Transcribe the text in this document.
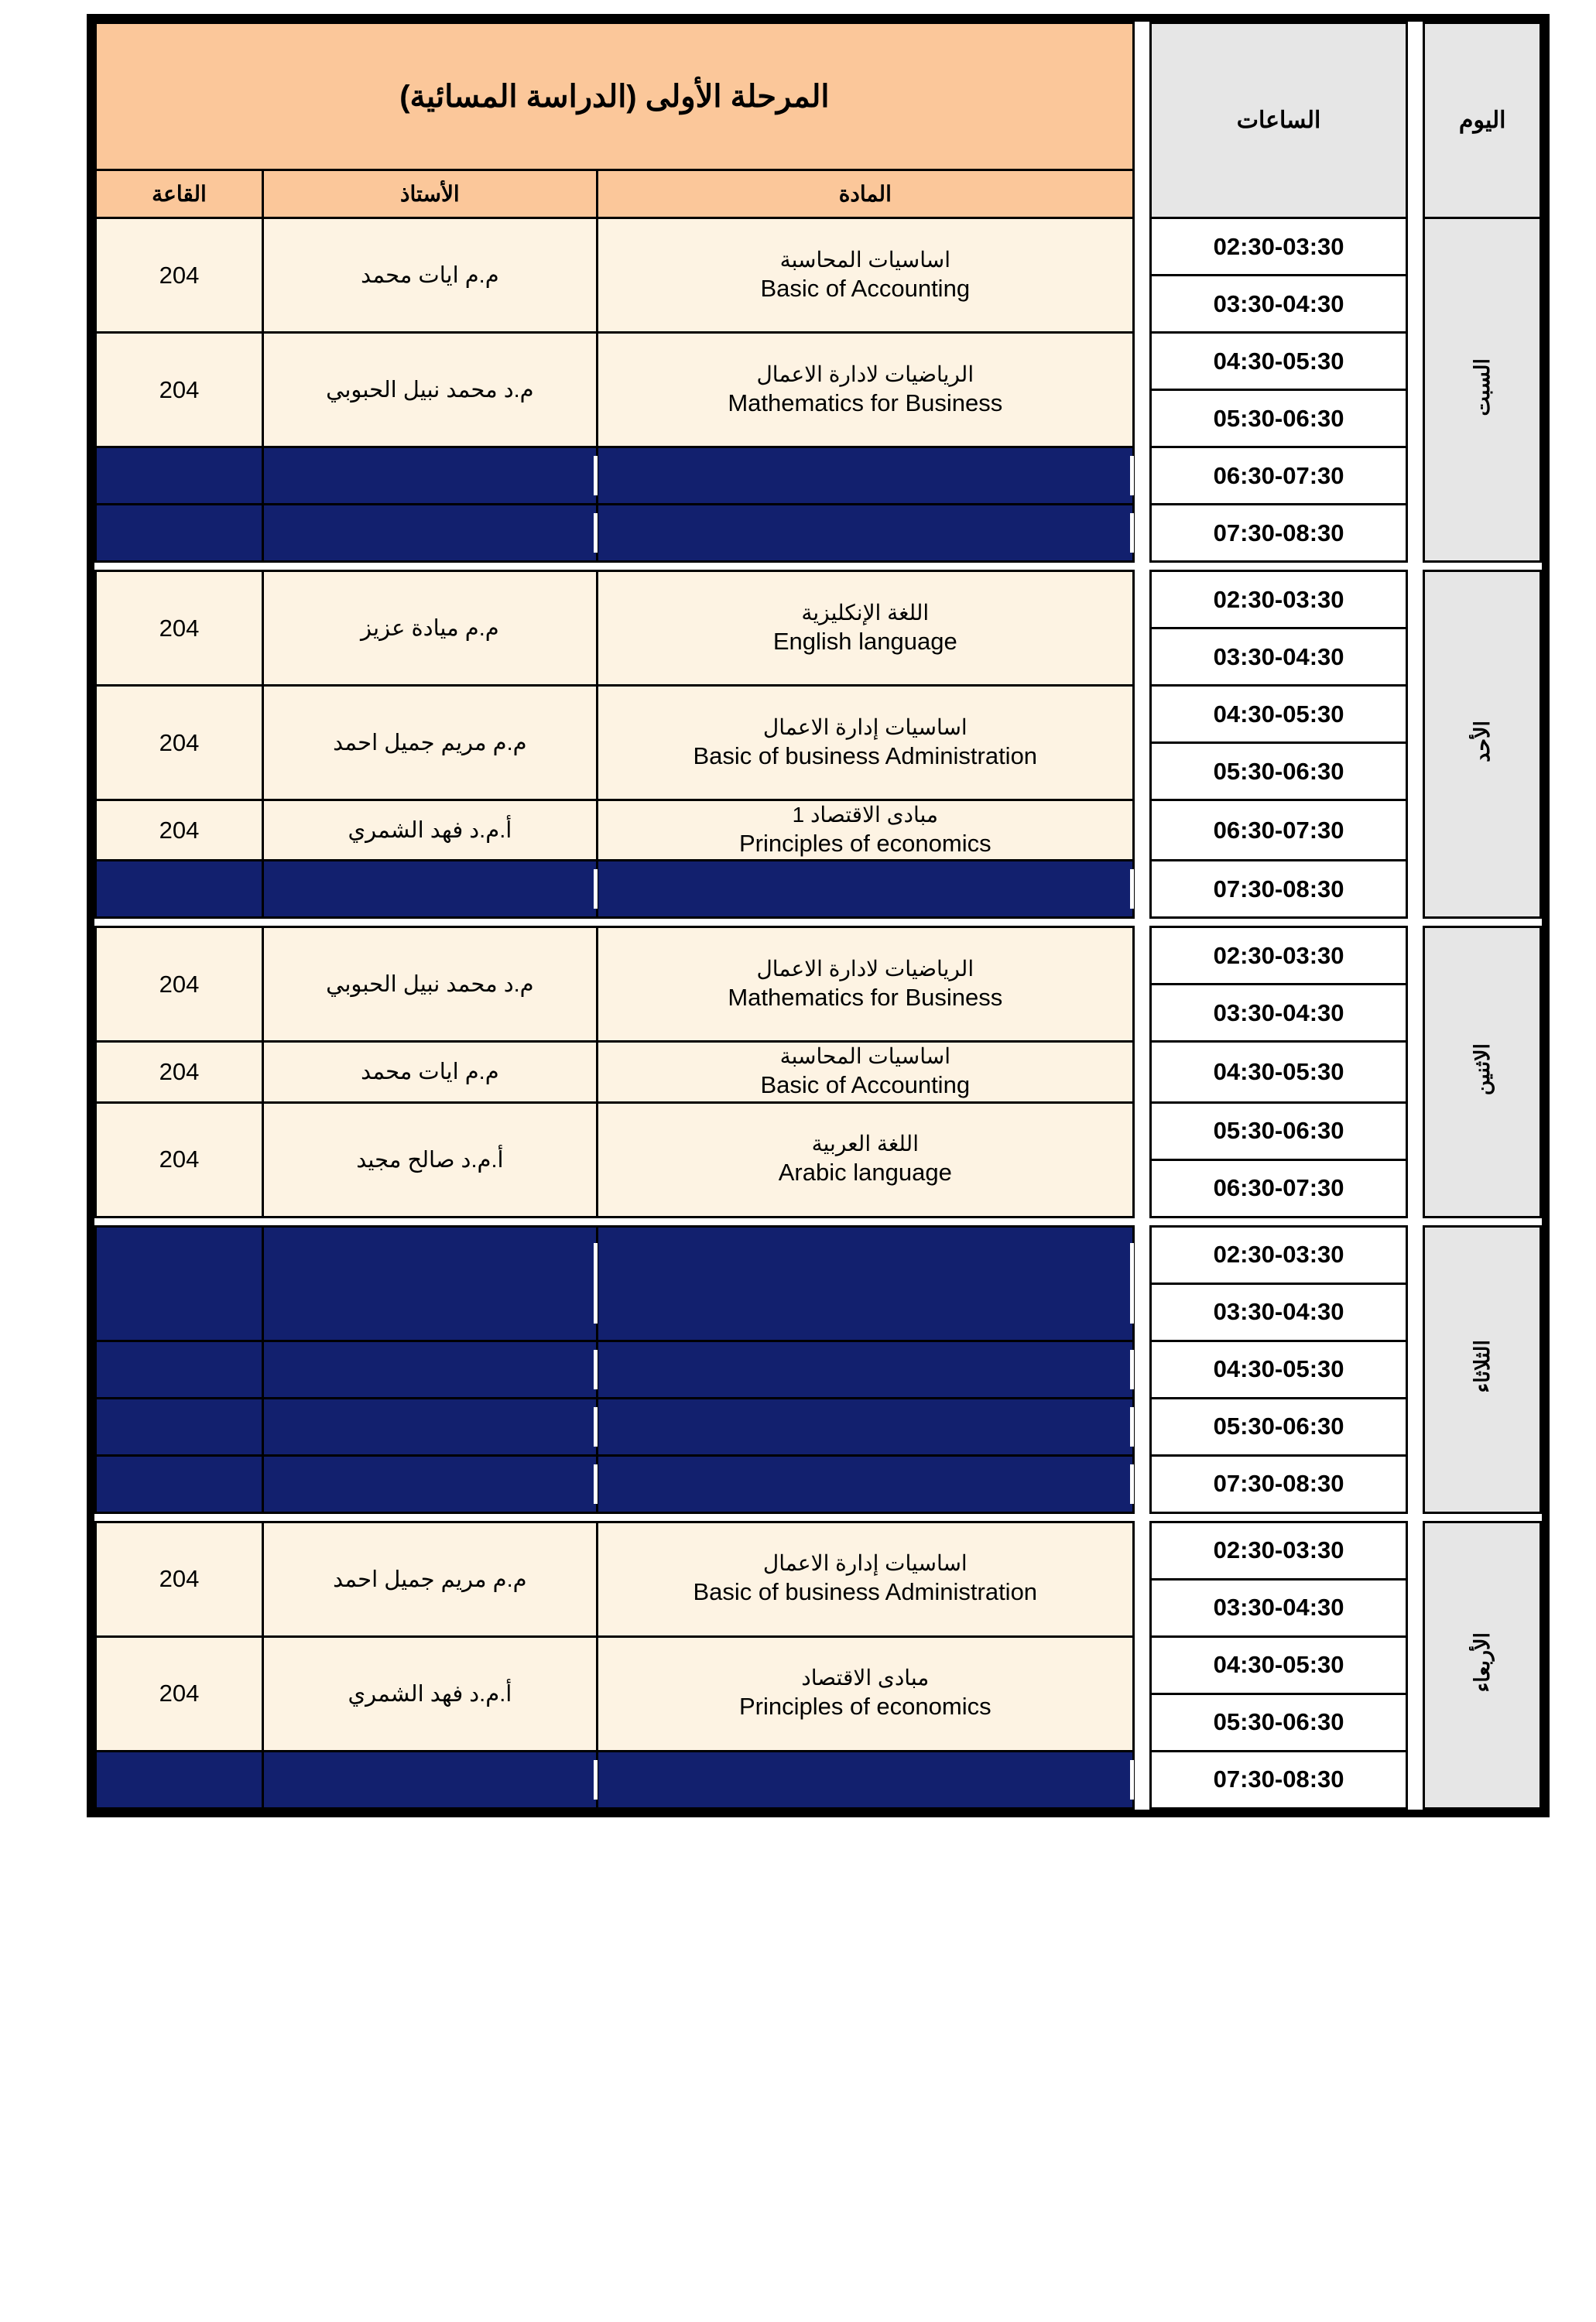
اليوم		الساعات		المرحلة الأولى (الدراسة المسائية)		
				المادة	الأستاذ	القاعة
السبت		02:30-03:30		اساسيات المحاسبة
Basic of Accounting	م.م ايات محمد	204
		03:30-04:30				
		04:30-05:30		الرياضيات لادارة الاعمال
Mathematics for Business	م.د محمد نبيل الحبوبي	204
		05:30-06:30				
		06:30-07:30				
		07:30-08:30				

الأحد		02:30-03:30		اللغة الإنكليزية
English language	م.م ميادة عزيز	204
		03:30-04:30				
		04:30-05:30		اساسيات إدارة الاعمال
Basic of business Administration	م.م مريم جميل احمد	204
		05:30-06:30				
		06:30-07:30		مبادى الاقتصاد 1
Principles of economics	أ.م.د فهد الشمري	204
		07:30-08:30				

الاثنين		02:30-03:30		الرياضيات لادارة الاعمال
Mathematics for Business	م.د محمد نبيل الحبوبي	204
		03:30-04:30				
		04:30-05:30		اساسيات المحاسبة
Basic of Accounting	م.م ايات محمد	204
		05:30-06:30		اللغة العربية
Arabic language	أ.م.د صالح مجيد	204
		06:30-07:30				

الثلاثاء		02:30-03:30				
		03:30-04:30				
		04:30-05:30				
		05:30-06:30				
		07:30-08:30				

الأربعاء		02:30-03:30		اساسيات إدارة الاعمال
Basic of business Administration	م.م مريم جميل احمد	204
		03:30-04:30				
		04:30-05:30		مبادى الاقتصاد
Principles of economics	أ.م.د فهد الشمري	204
		05:30-06:30				
		07:30-08:30				
